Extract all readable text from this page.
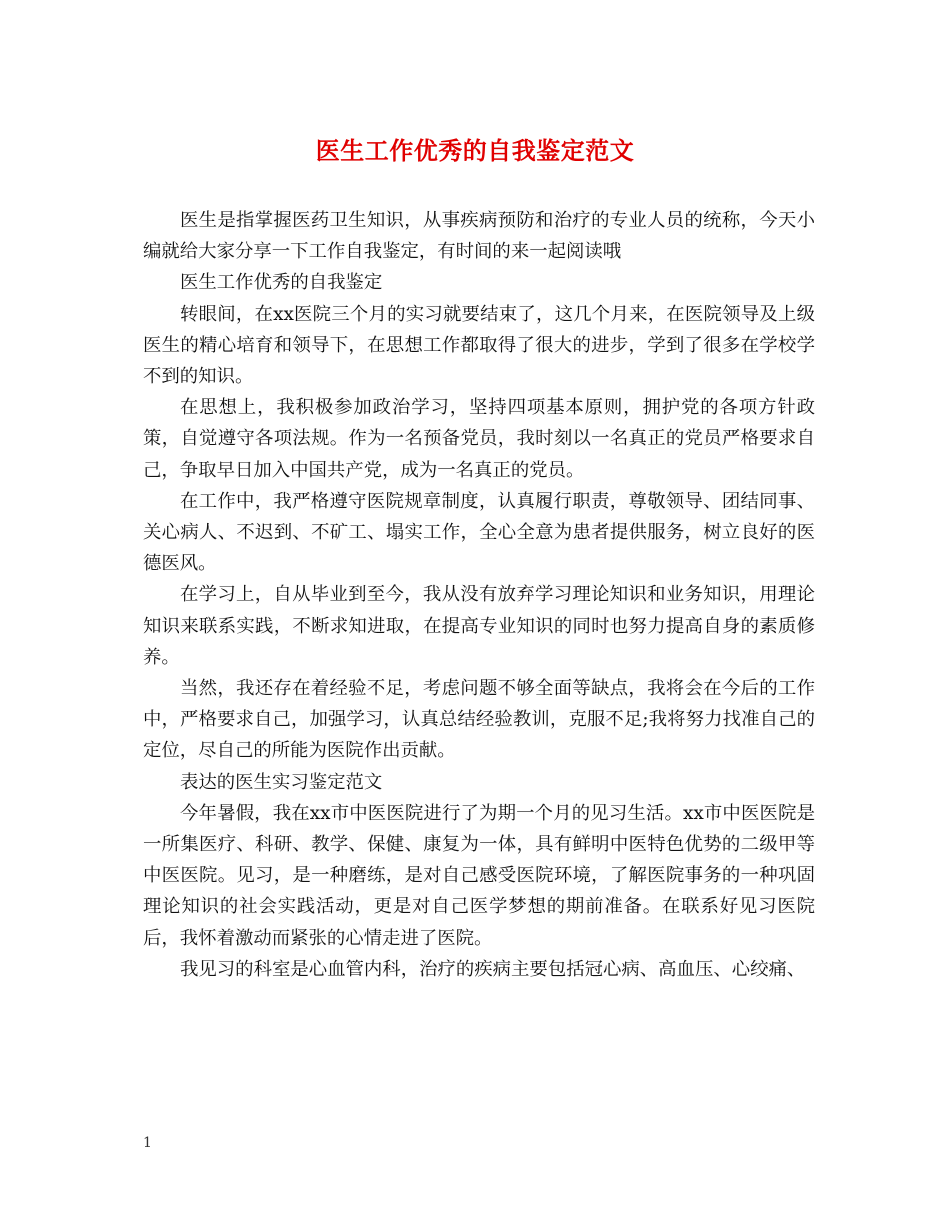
医生工作优秀的自我鉴定范文

医生是指掌握医药卫生知识，从事疾病预防和治疗的专业人员的统称，今天小编就给大家分享一下工作自我鉴定，有时间的来一起阅读哦

医生工作优秀的自我鉴定

转眼间，在xx医院三个月的实习就要结束了，这几个月来，在医院领导及上级医生的精心培育和领导下，在思想工作都取得了很大的进步，学到了很多在学校学不到的知识。

在思想上，我积极参加政治学习，坚持四项基本原则，拥护党的各项方针政策，自觉遵守各项法规。作为一名预备党员，我时刻以一名真正的党员严格要求自己，争取早日加入中国共产党，成为一名真正的党员。

在工作中，我严格遵守医院规章制度，认真履行职责，尊敬领导、团结同事、关心病人、不迟到、不矿工、塌实工作，全心全意为患者提供服务，树立良好的医德医风。

在学习上，自从毕业到至今，我从没有放弃学习理论知识和业务知识，用理论知识来联系实践，不断求知进取，在提高专业知识的同时也努力提高自身的素质修养。

当然，我还存在着经验不足，考虑问题不够全面等缺点，我将会在今后的工作中，严格要求自己，加强学习，认真总结经验教训，克服不足;我将努力找准自己的定位，尽自己的所能为医院作出贡献。

表达的医生实习鉴定范文

今年暑假，我在xx市中医医院进行了为期一个月的见习生活。xx市中医医院是一所集医疗、科研、教学、保健、康复为一体，具有鲜明中医特色优势的二级甲等中医医院。见习，是一种磨练，是对自己感受医院环境，了解医院事务的一种巩固理论知识的社会实践活动，更是对自己医学梦想的期前准备。在联系好见习医院后，我怀着激动而紧张的心情走进了医院。

我见习的科室是心血管内科，治疗的疾病主要包括冠心病、高血压、心绞痛、

1
